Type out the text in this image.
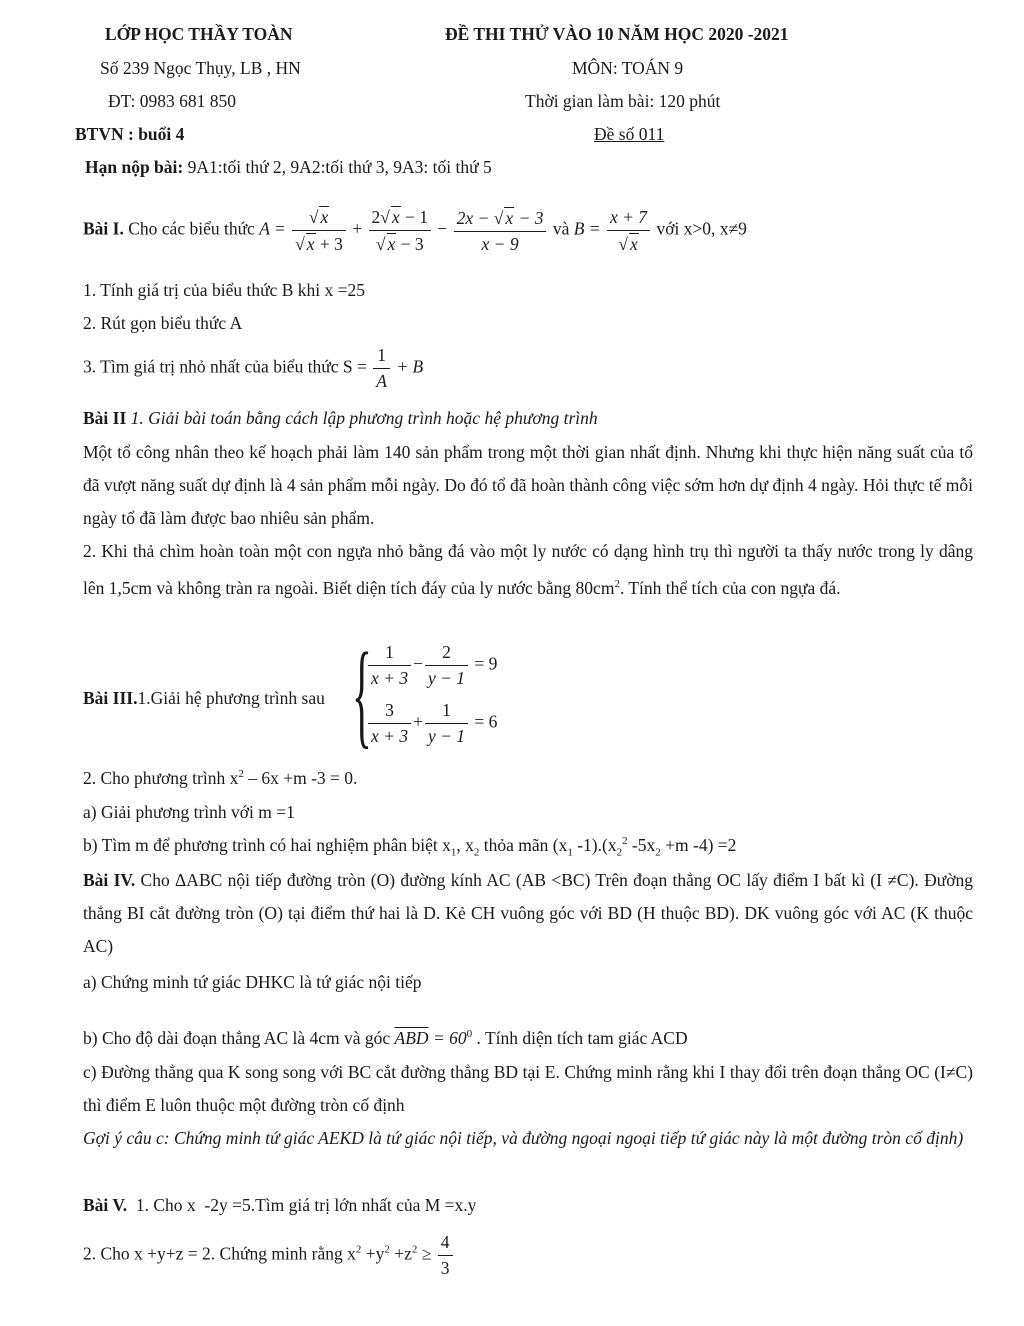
LỚP HỌC THẦY TOÀN
Số 239 Ngọc Thụy, LB , HN
ĐT: 0983 681 850
ĐỀ THI THỬ VÀO 10 NĂM HỌC 2020 -2021
MÔN: TOÁN 9
Thời gian làm bài: 120 phút
BTVN : buổi 4	Đề số 011
Hạn nộp bài: 9A1:tối thứ 2, 9A2:tối thứ 3, 9A3: tối thứ 5
Bài I. Cho các biểu thức $A = \frac{√ x}{√ x + 3} + \frac{2√ x - 1}{√ x - 3} - \frac{2x - √ x - 3}{x - 9}$ và $B = \frac{x + 7}{√ x}$ với x>0, x≠9
1. Tính giá trị của biểu thức B khi x =25
2. Rút gọn biểu thức A
3. Tìm giá trị nhỏ nhất của biểu thức $S = \frac{1}{A} + B$
Bài II 1. Giải bài toán bằng cách lập phương trình hoặc hệ phương trình
Một tổ công nhân theo kế hoạch phải làm 140 sản phẩm trong một thời gian nhất định. Nhưng khi thực hiện năng suất của tổ đã vượt năng suất dự định là 4 sản phẩm mỗi ngày. Do đó tổ đã hoàn thành công việc sớm hơn dự định 4 ngày. Hỏi thực tế mỗi ngày tổ đã làm được bao nhiêu sản phẩm.
2. Khi thả chìm hoàn toàn một con ngựa nhỏ bằng đá vào một ly nước có dạng hình trụ thì người ta thấy nước trong ly dâng lên 1,5cm và không tràn ra ngoài. Biết diện tích đáy của ly nước bằng $80cm^2$. Tính thể tích của con ngựa đá.
Bài III.1.Giải hệ phương trình sau {
$\frac{1}{x + 3} - \frac{2}{y - 1} = 9$
$\frac{3}{x + 3} + \frac{1}{y - 1} = 6$
2. Cho phương trình $x^2 - 6x +m$ -3 = 0.
a) Giải phương trình với m =1
b) Tìm m để phương trình có hai nghiệm phân biệt $x_1$, $x_2$ thỏa mãn ($x_1$ $-1).(x_2^2$ $-5x_2 +m$ -4) =2
Bài IV. Cho ΔABC nội tiếp đường tròn (O) đường kính AC (AB <BC) Trên đoạn thẳng OC lấy điểm I bất kì (I ≠C). Đường thẳng BI cắt đường tròn (O) tại điểm thứ hai là D. Kẻ CH vuông góc với BD (H thuộc BD). DK vuông góc với AC (K thuộc AC)
a) Chứng minh tứ giác DHKC là tứ giác nội tiếp
b) Cho độ dài đoạn thẳng AC là 4cm và góc $\overline{ABD} = 60^0$ . Tính diện tích tam giác ACD
c) Đường thẳng qua K song song với BC cắt đường thẳng BD tại E. Chứng minh rằng khi I thay đổi trên đoạn thẳng OC (I≠C) thì điểm E luôn thuộc một đường tròn cố định
Gợi ý câu c: Chứng minh tứ giác AEKD là tứ giác nội tiếp, và đường ngoại ngoại tiếp tứ giác này là một đường tròn cố định)
Bài V.  1. Cho x  -2y =5.Tìm giá trị lớn nhất của M =x.y
2. Cho x +y+z = 2. Chứng minh rằng $x^2 +y^2 +z^2 \ge \frac{4}{3}$
